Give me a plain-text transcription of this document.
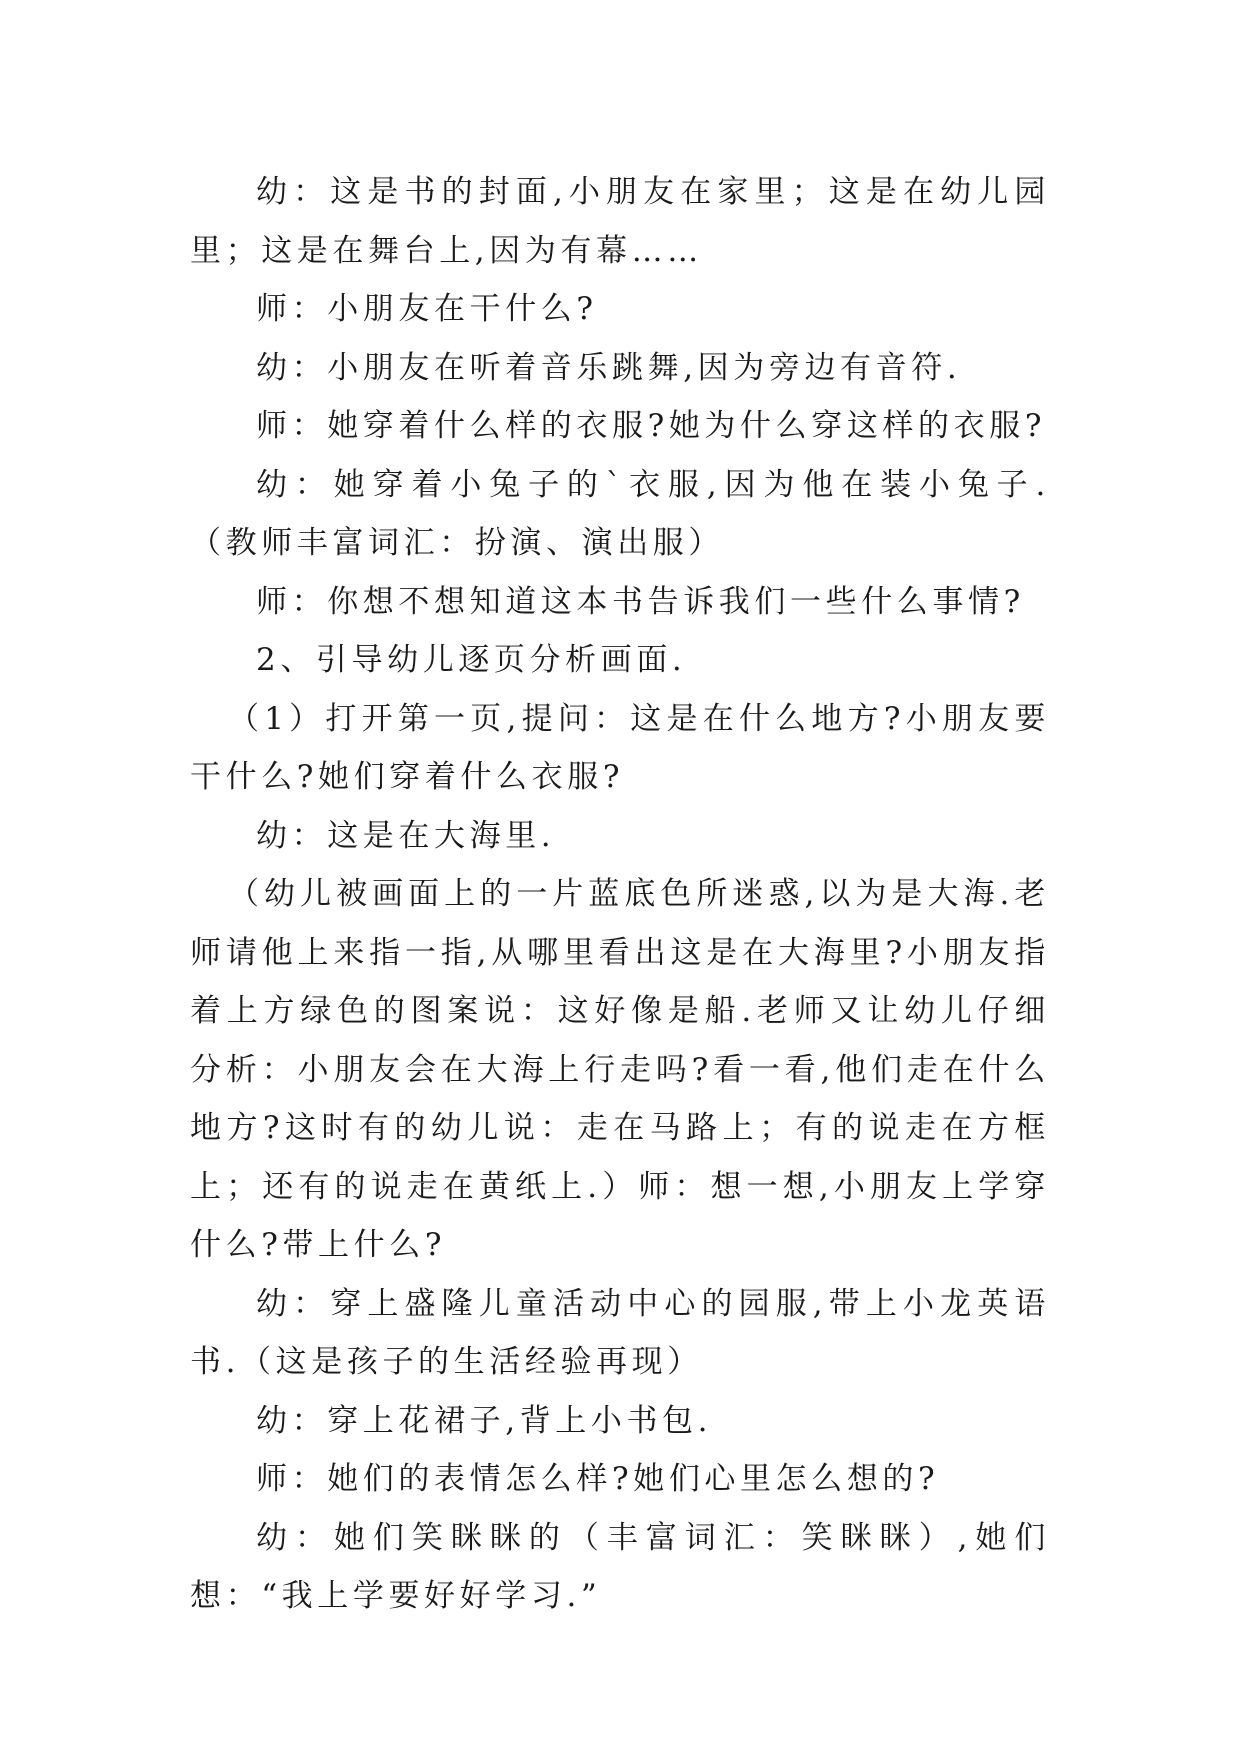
幼：这是书的封面,小朋友在家里；这是在幼儿园里；这是在舞台上,因为有幕……

师：小朋友在干什么?

幼：小朋友在听着音乐跳舞,因为旁边有音符.

师：她穿着什么样的衣服?她为什么穿这样的衣服?

幼：她穿着小兔子的`衣服,因为他在装小兔子.（教师丰富词汇：扮演、演出服）

师：你想不想知道这本书告诉我们一些什么事情?

2、引导幼儿逐页分析画面.

（1）打开第一页,提问：这是在什么地方?小朋友要干什么?她们穿着什么衣服?

幼：这是在大海里.

（幼儿被画面上的一片蓝底色所迷惑,以为是大海.老师请他上来指一指,从哪里看出这是在大海里?小朋友指着上方绿色的图案说：这好像是船.老师又让幼儿仔细分析：小朋友会在大海上行走吗?看一看,他们走在什么地方?这时有的幼儿说：走在马路上；有的说走在方框上；还有的说走在黄纸上.）师：想一想,小朋友上学穿什么?带上什么?

幼：穿上盛隆儿童活动中心的园服,带上小龙英语书.（这是孩子的生活经验再现）

幼：穿上花裙子,背上小书包.

师：她们的表情怎么样?她们心里怎么想的?

幼：她们笑眯眯的（丰富词汇：笑眯眯）,她们想：“我上学要好好学习.”
